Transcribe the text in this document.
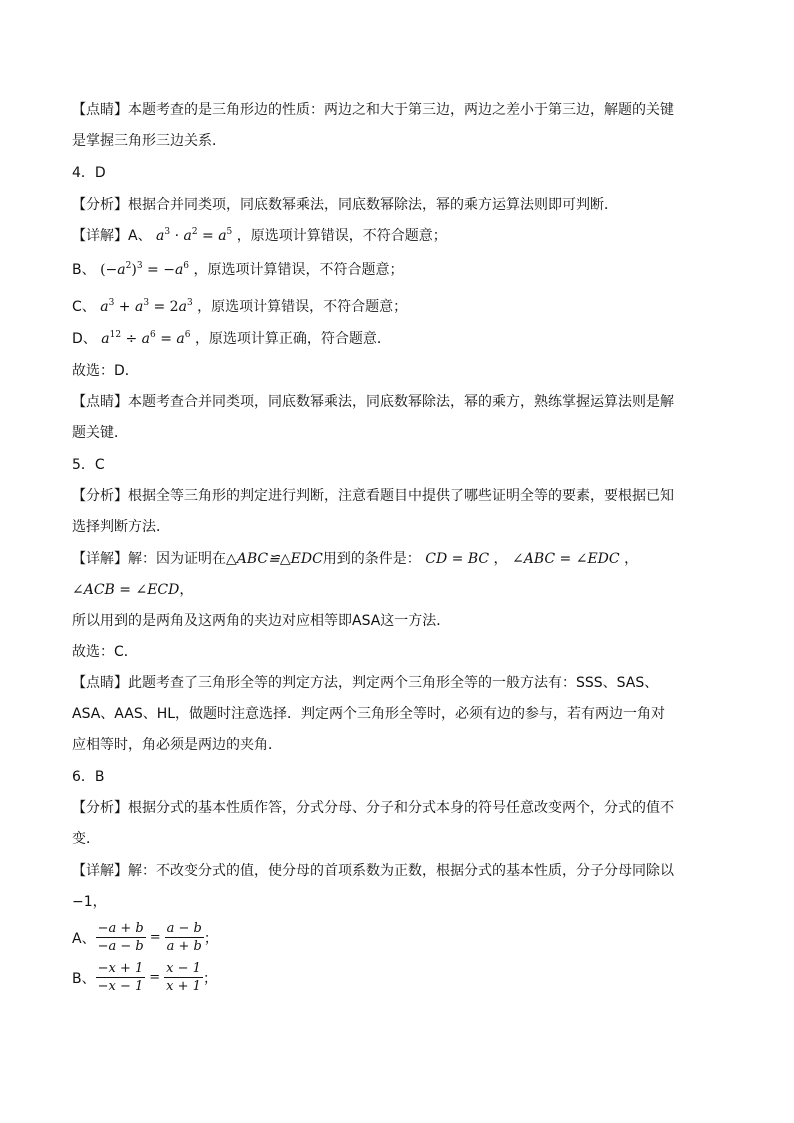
【点睛】本题考查的是三角形边的性质：两边之和大于第三边，两边之差小于第三边，解题的关键
是掌握三角形三边关系．
4．D
【分析】根据合并同类项，同底数幂乘法，同底数幂除法，幂的乘方运算法则即可判断．
【详解】A、 $a^3 \cdot a^2 = a^5$ ，原选项计算错误，不符合题意；
B、 $(-a^2)^3 = -a^6$ ，原选项计算错误，不符合题意；
C、 $a^3 + a^3 = 2a^3$ ，原选项计算错误，不符合题意；
D、 $a^{12} \div a^6 = a^6$ ，原选项计算正确，符合题意．
故选：D．
【点睛】本题考查合并同类项，同底数幂乘法，同底数幂除法，幂的乘方，熟练掌握运算法则是解
题关键．
5．C
【分析】根据全等三角形的判定进行判断，注意看题目中提供了哪些证明全等的要素，要根据已知
选择判断方法．
【详解】解：因为证明在△ABC≌△EDC用到的条件是： CD = BC ， ∠ABC = ∠EDC ，
∠ACB = ∠ECD，
所以用到的是两角及这两角的夹边对应相等即ASA这一方法．
故选：C．
【点睛】此题考查了三角形全等的判定方法，判定两个三角形全等的一般方法有：SSS、SAS、
ASA、AAS、HL，做题时注意选择．判定两个三角形全等时，必须有边的参与，若有两边一角对
应相等时，角必须是两边的夹角．
6．B
【分析】根据分式的基本性质作答，分式分母、分子和分式本身的符号任意改变两个，分式的值不
变．
【详解】解：不改变分式的值，使分母的首项系数为正数，根据分式的基本性质，分子分母同除以
−1，
A、 $\frac{-a + b}{-a - b} = \frac{a - b}{a + b}$ ；
B、 $\frac{-x + 1}{-x - 1} = \frac{x - 1}{x + 1}$ ；
